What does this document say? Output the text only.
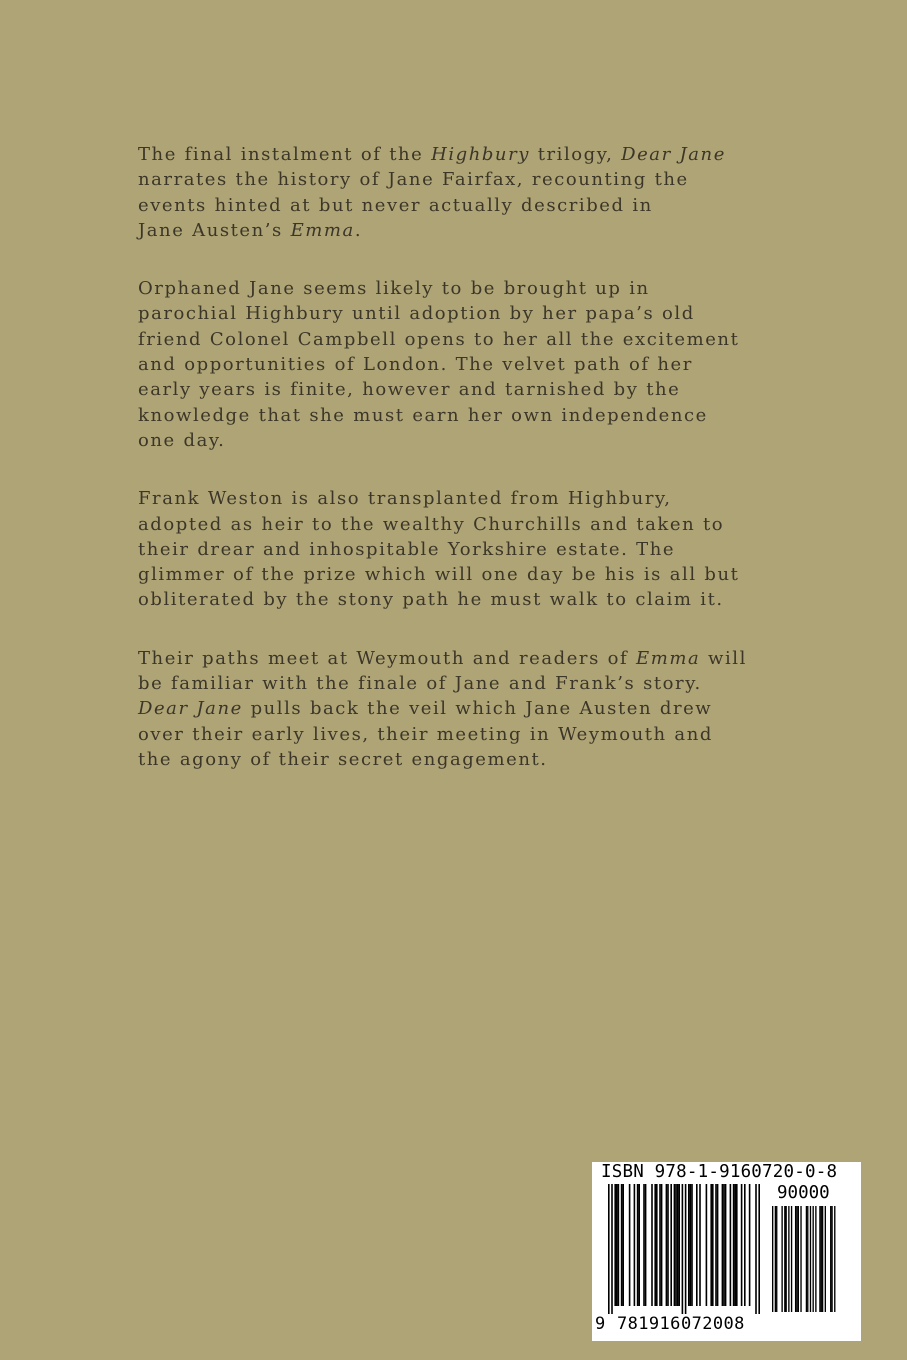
The final instalment of the Highbury trilogy, Dear Jane
narrates the history of Jane Fairfax, recounting the
events hinted at but never actually described in
Jane Austen’s Emma.

Orphaned Jane seems likely to be brought up in
parochial Highbury until adoption by her papa’s old
friend Colonel Campbell opens to her all the excitement
and opportunities of London. The velvet path of her
early years is finite, however and tarnished by the
knowledge that she must earn her own independence
one day.

Frank Weston is also transplanted from Highbury,
adopted as heir to the wealthy Churchills and taken to
their drear and inhospitable Yorkshire estate. The
glimmer of the prize which will one day be his is all but
obliterated by the stony path he must walk to claim it.

Their paths meet at Weymouth and readers of Emma will
be familiar with the finale of Jane and Frank’s story.
Dear Jane pulls back the veil which Jane Austen drew
over their early lives, their meeting in Weymouth and
the agony of their secret engagement.

ISBN 978-1-9160720-0-8
90000
9 781916 072008
